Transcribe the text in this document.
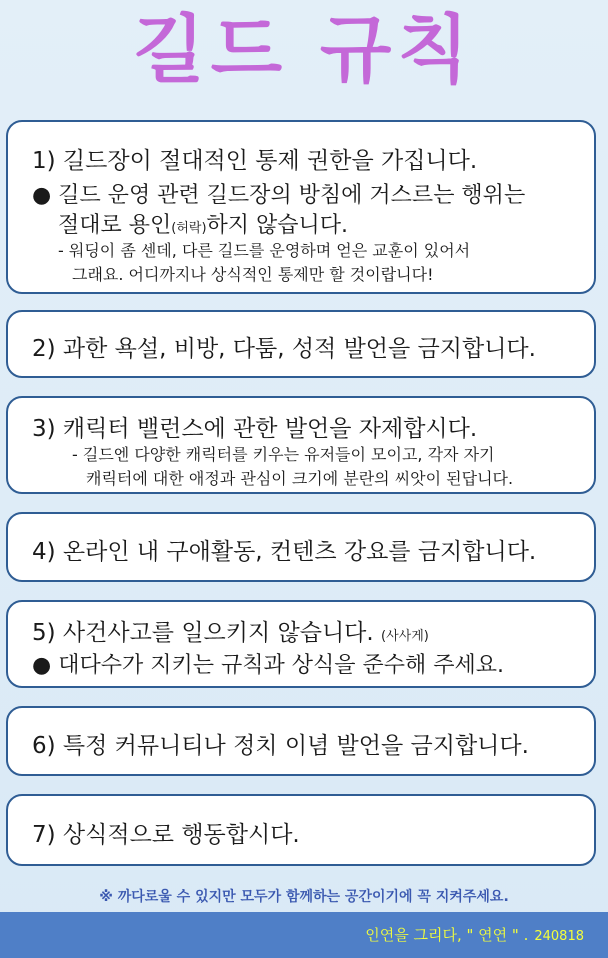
길드 규칙
1) 길드장이 절대적인 통제 권한을 가집니다.
● 길드 운영 관련 길드장의 방침에 거스르는 행위는
절대로 용인(허락)하지 않습니다.
- 워딩이 좀 센데, 다른 길드를 운영하며 얻은 교훈이 있어서
그래요. 어디까지나 상식적인 통제만 할 것이랍니다!
2) 과한 욕설, 비방, 다툼, 성적 발언을 금지합니다.
3) 캐릭터 밸런스에 관한 발언을 자제합시다.
- 길드엔 다양한 캐릭터를 키우는 유저들이 모이고, 각자 자기
캐릭터에 대한 애정과 관심이 크기에 분란의 씨앗이 된답니다.
4) 온라인 내 구애활동, 컨텐츠 강요를 금지합니다.
5) 사건사고를 일으키지 않습니다. (사사게)
● 대다수가 지키는 규칙과 상식을 준수해 주세요.
6) 특정 커뮤니티나 정치 이념 발언을 금지합니다.
7) 상식적으로 행동합시다.
※ 까다로울 수 있지만 모두가 함께하는 공간이기에 꼭 지켜주세요.
인연을 그리다, " 연연 " . 240818
